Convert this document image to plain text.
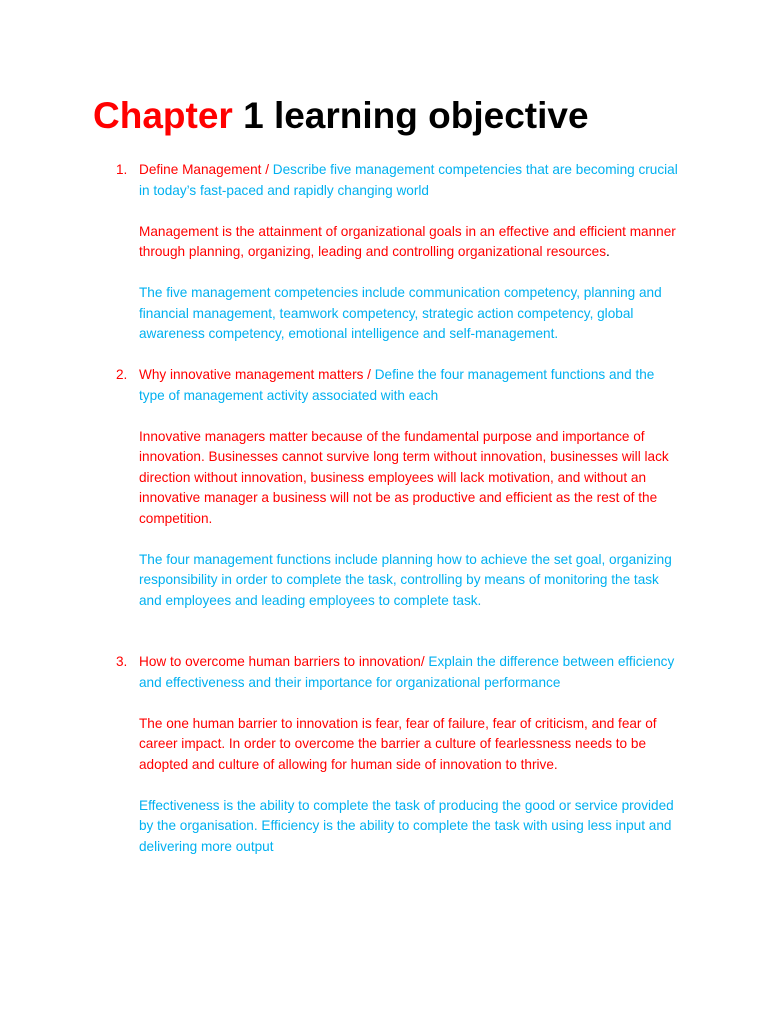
Chapter 1 learning objective
1. Define Management / Describe five management competencies that are becoming crucial in today’s fast-paced and rapidly changing world

Management is the attainment of organizational goals in an effective and efficient manner through planning, organizing, leading and controlling organizational resources.

The five management competencies include communication competency, planning and financial management, teamwork competency, strategic action competency, global awareness competency, emotional intelligence and self-management.

2. Why innovative management matters / Define the four management functions and the type of management activity associated with each

Innovative managers matter because of the fundamental purpose and importance of innovation. Businesses cannot survive long term without innovation, businesses will lack direction without innovation, business employees will lack motivation, and without an innovative manager a business will not be as productive and efficient as the rest of the competition.

The four management functions include planning how to achieve the set goal, organizing responsibility in order to complete the task, controlling by means of monitoring the task and employees and leading employees to complete task.

3. How to overcome human barriers to innovation/ Explain the difference between efficiency and effectiveness and their importance for organizational performance

The one human barrier to innovation is fear, fear of failure, fear of criticism, and fear of career impact. In order to overcome the barrier a culture of fearlessness needs to be adopted and culture of allowing for human side of innovation to thrive.

Effectiveness is the ability to complete the task of producing the good or service provided by the organisation. Efficiency is the ability to complete the task with using less input and delivering more output
